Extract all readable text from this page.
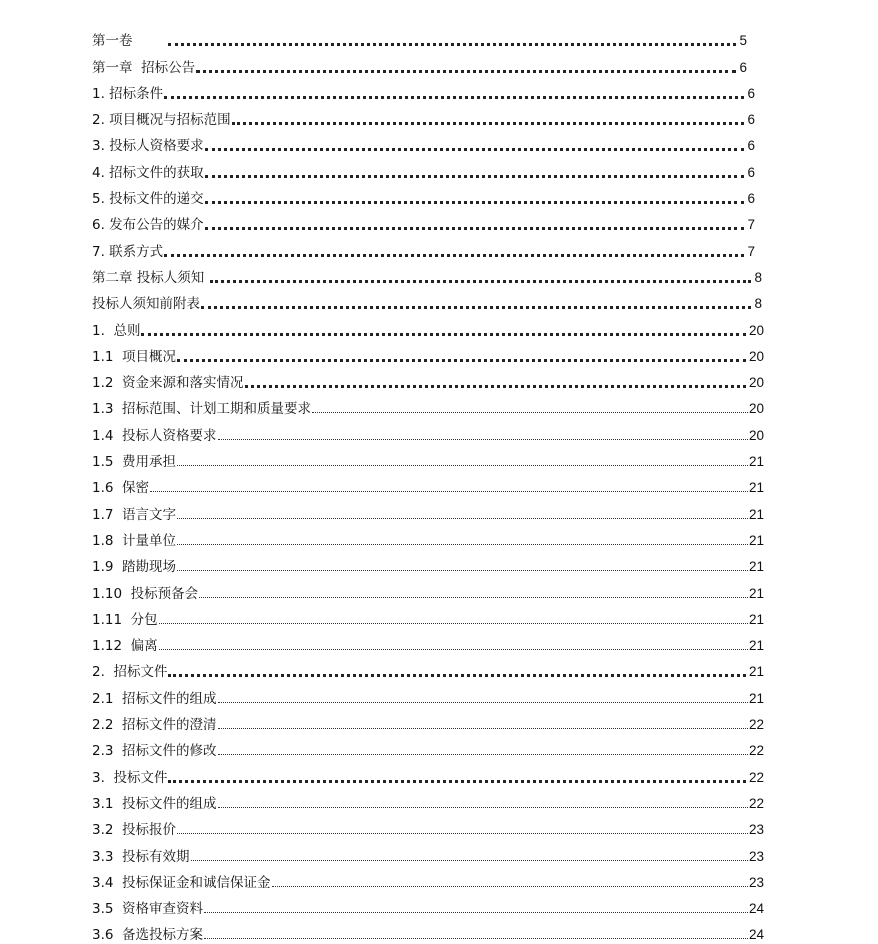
第一卷	5
第一章  招标公告	6
1. 招标条件	6
2. 项目概况与招标范围	6
3. 投标人资格要求	6
4. 招标文件的获取	6
5. 投标文件的递交	6
6. 发布公告的媒介	7
7. 联系方式	7
第二章 投标人须知	8
投标人须知前附表	8
1.  总则	20
1.1  项目概况	20
1.2  资金来源和落实情况	20
1.3  招标范围、计划工期和质量要求	20
1.4  投标人资格要求	20
1.5  费用承担	21
1.6  保密	21
1.7  语言文字	21
1.8  计量单位	21
1.9  踏勘现场	21
1.10  投标预备会	21
1.11  分包	21
1.12  偏离	21
2.  招标文件	21
2.1  招标文件的组成	21
2.2  招标文件的澄清	22
2.3  招标文件的修改	22
3.  投标文件	22
3.1  投标文件的组成	22
3.2  投标报价	23
3.3  投标有效期	23
3.4  投标保证金和诚信保证金	23
3.5  资格审查资料	24
3.6  备选投标方案	24
